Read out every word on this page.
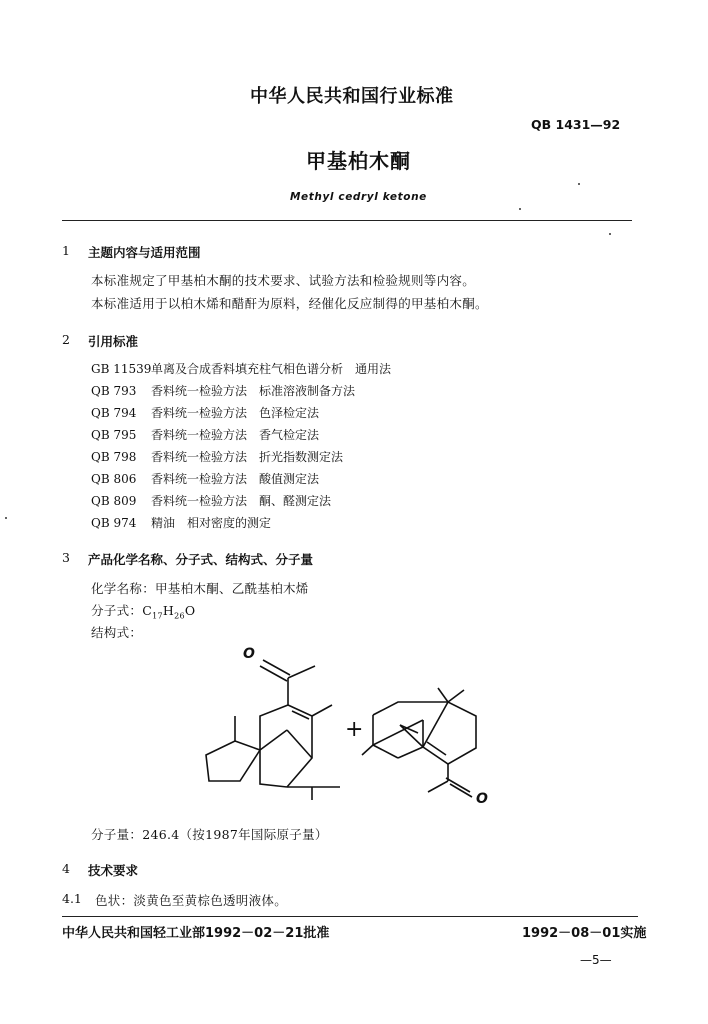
中华人民共和国行业标准
QB 1431—92
甲基柏木酮
Methyl cedryl ketone
1 主题内容与适用范围
本标准规定了甲基柏木酮的技术要求、试验方法和检验规则等内容。
本标准适用于以柏木烯和醋酐为原料，经催化反应制得的甲基柏木酮。
2 引用标准
GB 11539单离及合成香料填充柱气相色谱分析　通用法
QB 793 香料统一检验方法　标准溶液制备方法
QB 794 香料统一检验方法　色泽检定法
QB 795 香料统一检验方法　香气检定法
QB 798 香料统一检验方法　折光指数测定法
QB 806 香料统一检验方法　酸值测定法
QB 809 香料统一检验方法　酮、醛测定法
QB 974 精油　相对密度的测定
3 产品化学名称、分子式、结构式、分子量
化学名称：甲基柏木酮、乙酰基柏木烯
分子式：$C_{17}H_{26}O$
结构式：
O
O
+
分子量：246.4（按1987年国际原子量）
4 技术要求
4.1 色状：淡黄色至黄棕色透明液体。
中华人民共和国轻工业部1992－02－21批准	1992－08－01实施
—5—
